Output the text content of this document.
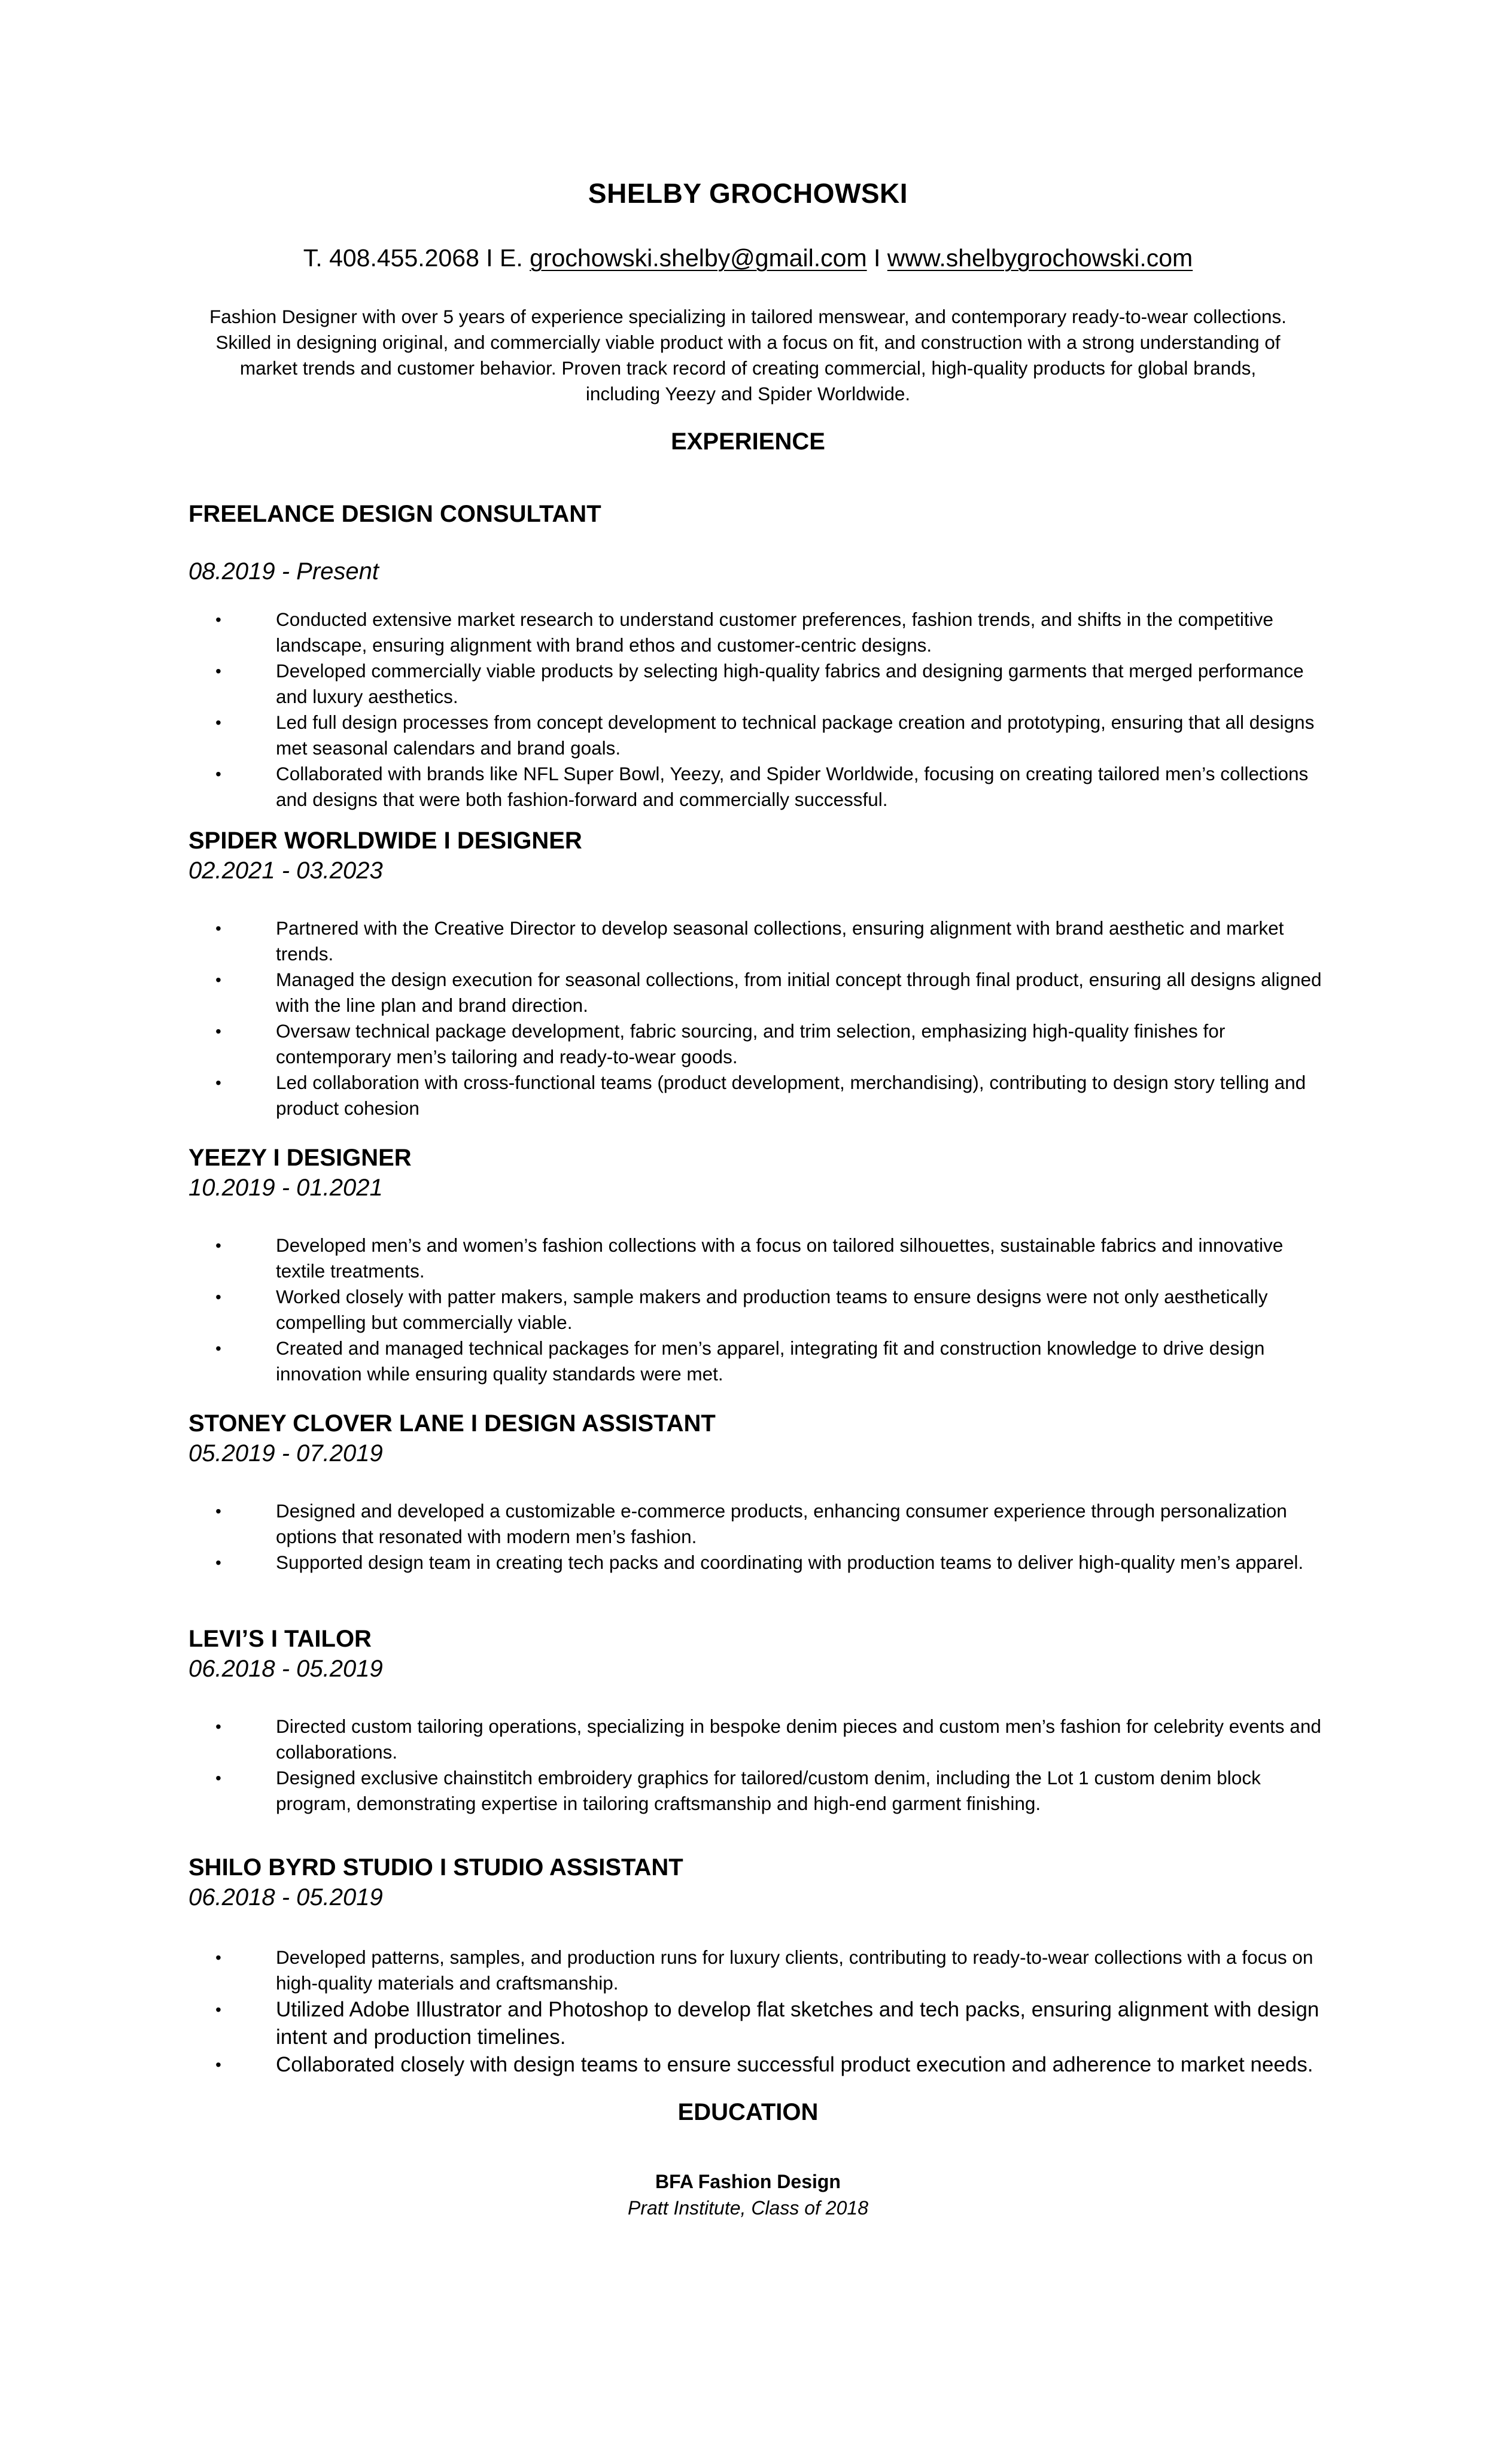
SHELBY GROCHOWSKI
T. 408.455.2068 I E. grochowski.shelby@gmail.com I www.shelbygrochowski.com
Fashion Designer with over 5 years of experience specializing in tailored menswear, and contemporary ready-to-wear collections. Skilled in designing original, and commercially viable product with a focus on fit, and construction with a strong understanding of market trends and customer behavior. Proven track record of creating commercial, high-quality products for global brands, including Yeezy and Spider Worldwide.
EXPERIENCE
FREELANCE DESIGN CONSULTANT
08.2019 - Present
•	Conducted extensive market research to understand customer preferences, fashion trends, and shifts in the competitive landscape, ensuring alignment with brand ethos and customer-centric designs.
•	Developed commercially viable products by selecting high-quality fabrics and designing garments that merged performance and luxury aesthetics.
•	Led full design processes from concept development to technical package creation and prototyping, ensuring that all designs met seasonal calendars and brand goals.
•	Collaborated with brands like NFL Super Bowl, Yeezy, and Spider Worldwide, focusing on creating tailored men’s collections and designs that were both fashion-forward and commercially successful.
SPIDER WORLDWIDE I DESIGNER
02.2021 - 03.2023
•	Partnered with the Creative Director to develop seasonal collections, ensuring alignment with brand aesthetic and market trends.
•	Managed the design execution for seasonal collections, from initial concept through final product, ensuring all designs aligned with the line plan and brand direction.
•	Oversaw technical package development, fabric sourcing, and trim selection, emphasizing high-quality finishes for contemporary men’s tailoring and ready-to-wear goods.
•	Led collaboration with cross-functional teams (product development, merchandising), contributing to design story telling and product cohesion
YEEZY I DESIGNER
10.2019 - 01.2021
•	Developed men’s and women’s fashion collections with a focus on tailored silhouettes, sustainable fabrics and innovative textile treatments.
•	Worked closely with patter makers, sample makers and production teams to ensure designs were not only aesthetically compelling but commercially viable.
•	Created and managed technical packages for men’s apparel, integrating fit and construction knowledge to drive design innovation while ensuring quality standards were met.
STONEY CLOVER LANE I DESIGN ASSISTANT
05.2019 - 07.2019
•	Designed and developed a customizable e-commerce products, enhancing consumer experience through personalization options that resonated with modern men’s fashion.
•	Supported design team in creating tech packs and coordinating with production teams to deliver high-quality men’s apparel.
LEVI’S I TAILOR
06.2018 - 05.2019
•	Directed custom tailoring operations, specializing in bespoke denim pieces and custom men’s fashion for celebrity events and collaborations.
•	Designed exclusive chainstitch embroidery graphics for tailored/custom denim, including the Lot 1 custom denim block program, demonstrating expertise in tailoring craftsmanship and high-end garment finishing.
SHILO BYRD STUDIO I STUDIO ASSISTANT
06.2018 - 05.2019
•	Developed patterns, samples, and production runs for luxury clients, contributing to ready-to-wear collections with a focus on high-quality materials and craftsmanship.
•	Utilized Adobe Illustrator and Photoshop to develop flat sketches and tech packs, ensuring alignment with design intent and production timelines.
•	Collaborated closely with design teams to ensure successful product execution and adherence to market needs.
EDUCATION
BFA Fashion Design
Pratt Institute, Class of 2018
